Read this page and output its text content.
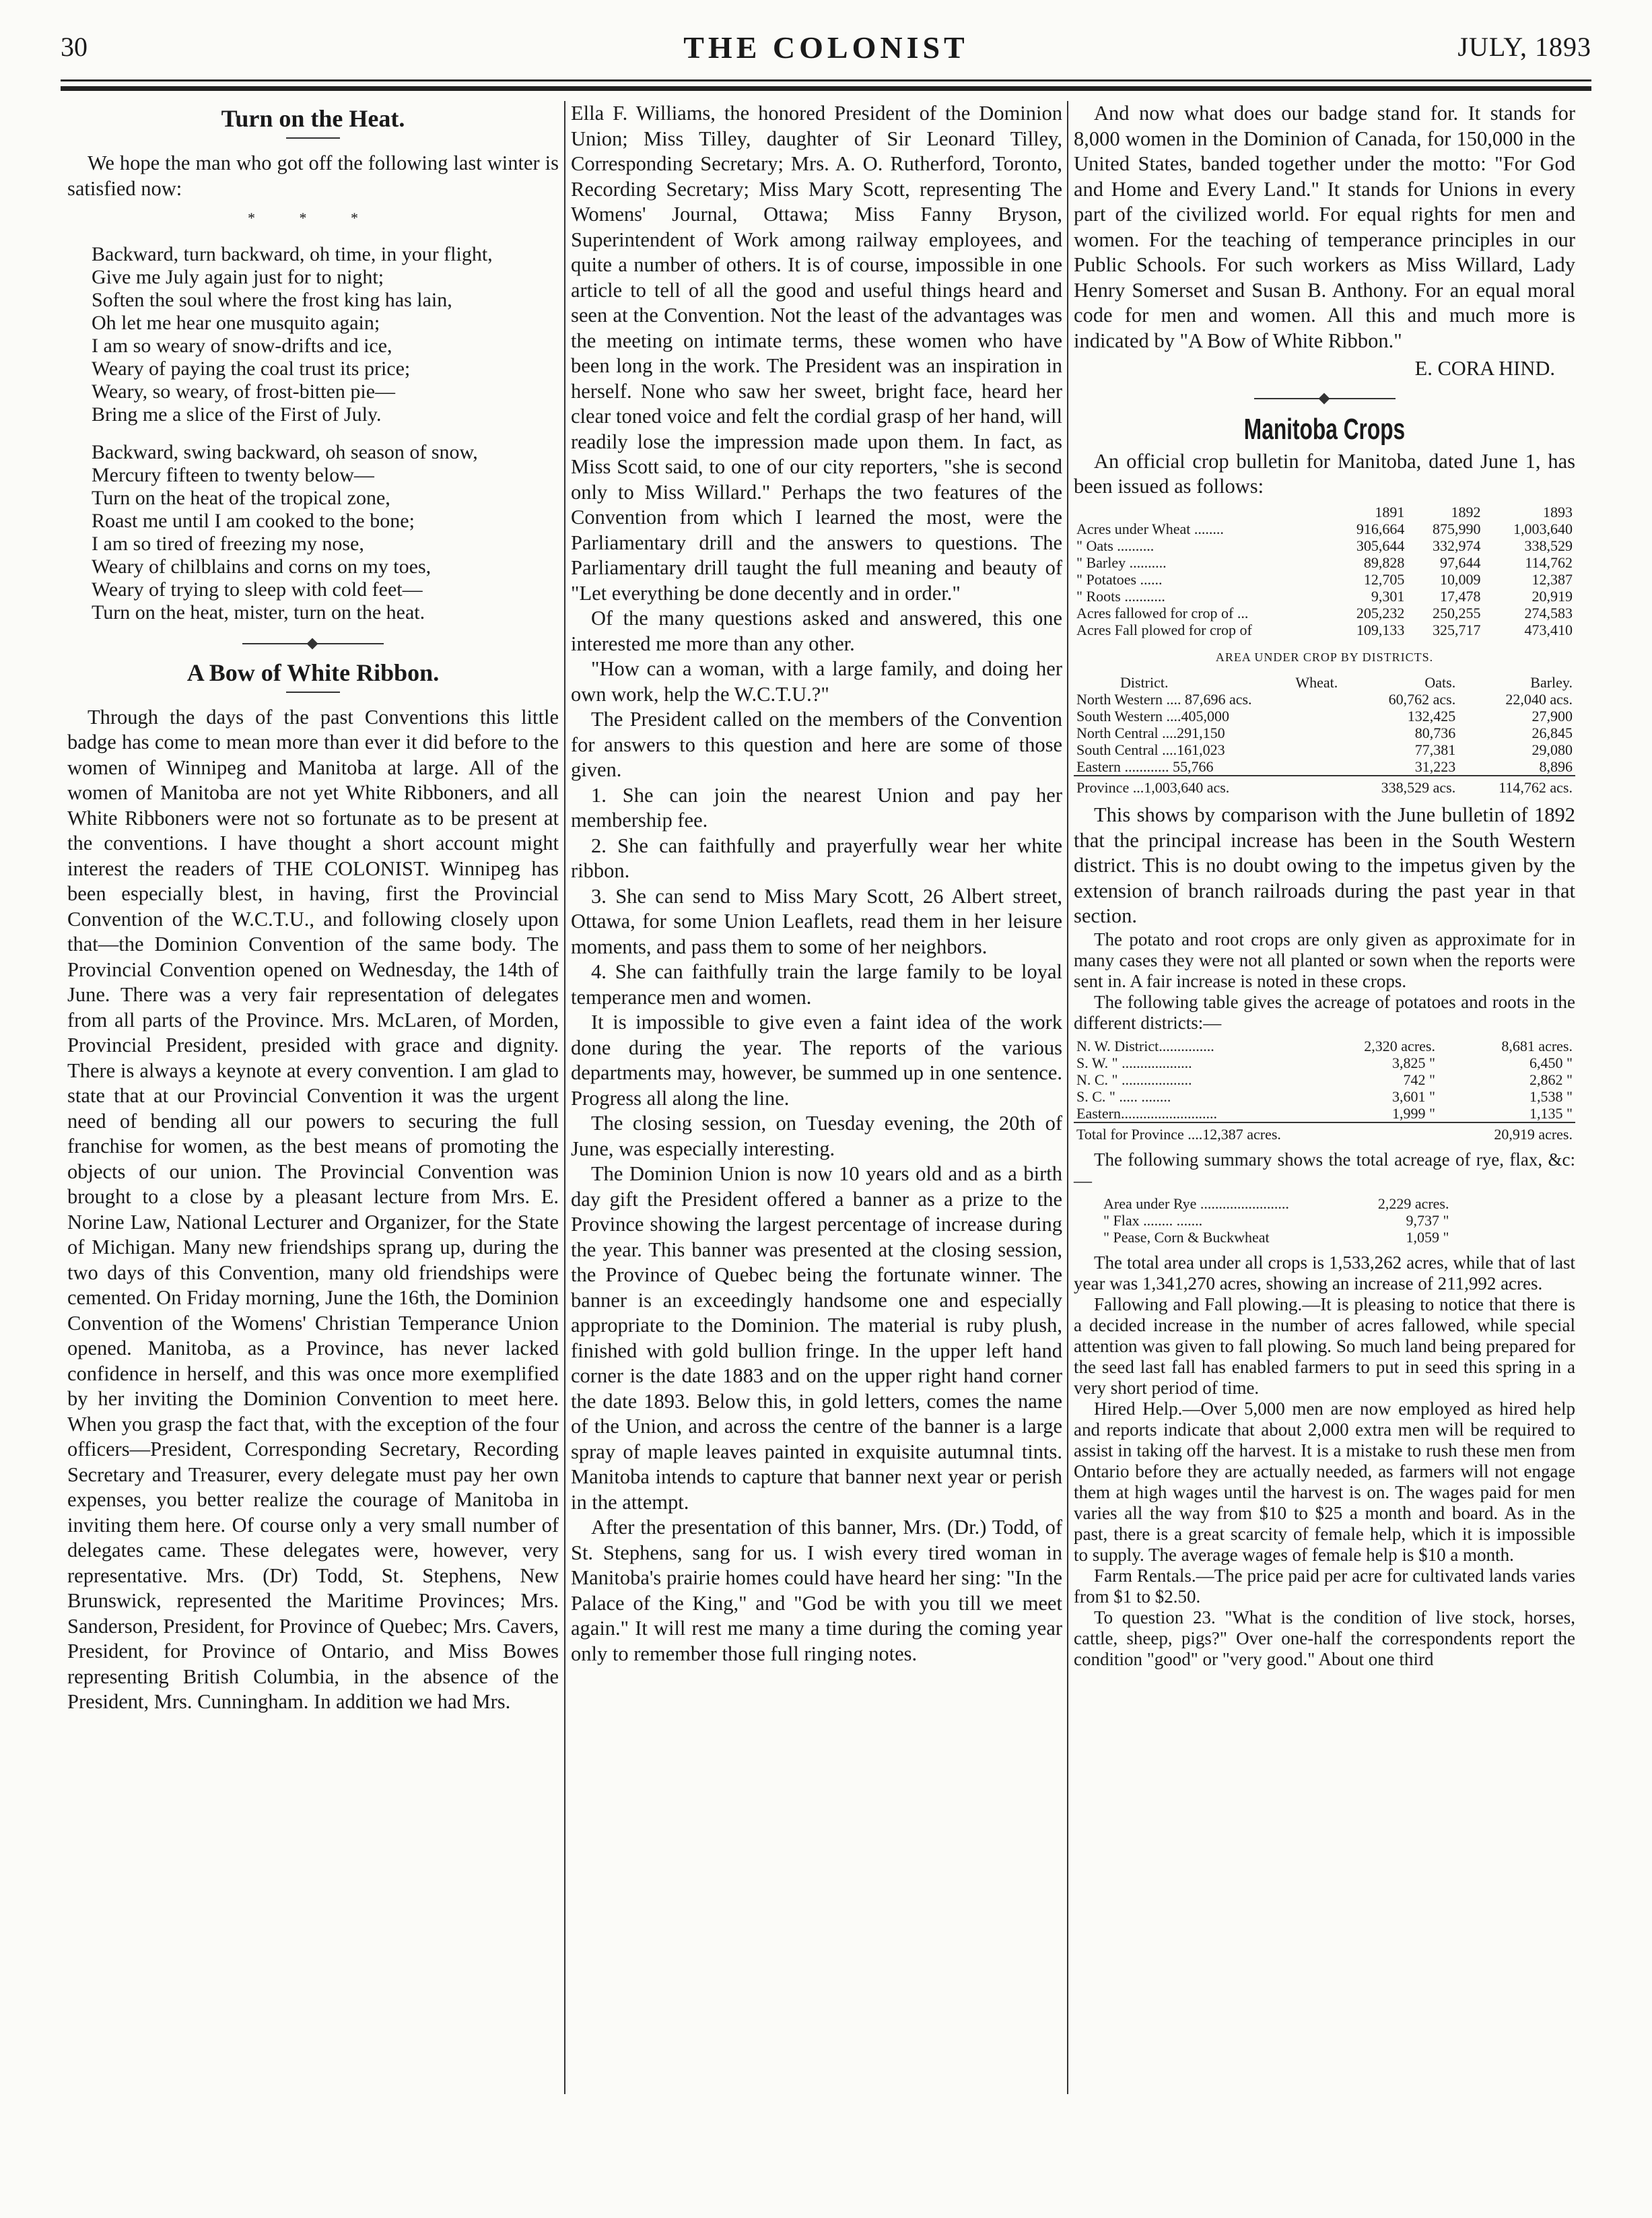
30	THE COLONIST	JULY, 1893
Turn on the Heat.

We hope the man who got off the following last winter is satisfied now:

* * *
Backward, turn backward, oh time, in your flight,
Give me July again just for to night;
Soften the soul where the frost king has lain,
Oh let me hear one musquito again;
I am so weary of snow-drifts and ice,
Weary of paying the coal trust its price;
Weary, so weary, of frost-bitten pie—
Bring me a slice of the First of July.
Backward, swing backward, oh season of snow,
Mercury fifteen to twenty below—
Turn on the heat of the tropical zone,
Roast me until I am cooked to the bone;
I am so tired of freezing my nose,
Weary of chilblains and corns on my toes,
Weary of trying to sleep with cold feet—
Turn on the heat, mister, turn on the heat.
A Bow of White Ribbon.

Through the days of the past Conventions this little badge has come to mean more than ever it did before to the women of Winnipeg and Manitoba at large. All of the women of Manitoba are not yet White Ribboners, and all White Ribboners were not so fortunate as to be present at the conventions. I have thought a short account might interest the readers of THE COLONIST. Winnipeg has been especially blest, in having, first the Provincial Convention of the W.C.T.U., and following closely upon that—the Dominion Convention of the same body. The Provincial Convention opened on Wednesday, the 14th of June. There was a very fair representation of delegates from all parts of the Province. Mrs. McLaren, of Morden, Provincial President, presided with grace and dignity. There is always a keynote at every convention. I am glad to state that at our Provincial Convention it was the urgent need of bending all our powers to securing the full franchise for women, as the best means of promoting the objects of our union. The Provincial Convention was brought to a close by a pleasant lecture from Mrs. E. Norine Law, National Lecturer and Organizer, for the State of Michigan. Many new friendships sprang up, during the two days of this Convention, many old friendships were cemented. On Friday morning, June the 16th, the Dominion Convention of the Womens' Christian Temperance Union opened. Manitoba, as a Province, has never lacked confidence in herself, and this was once more exemplified by her inviting the Dominion Convention to meet here. When you grasp the fact that, with the exception of the four officers—President, Corresponding Secretary, Recording Secretary and Treasurer, every delegate must pay her own expenses, you better realize the courage of Manitoba in inviting them here. Of course only a very small number of delegates came. These delegates were, however, very representative. Mrs. (Dr) Todd, St. Stephens, New Brunswick, represented the Maritime Provinces; Mrs. Sanderson, President, for Province of Quebec; Mrs. Cavers, President, for Province of Ontario, and Miss Bowes representing British Columbia, in the absence of the President, Mrs. Cunningham. In addition we had Mrs.

Ella F. Williams, the honored President of the Dominion Union; Miss Tilley, daughter of Sir Leonard Tilley, Corresponding Secretary; Mrs. A. O. Rutherford, Toronto, Recording Secretary; Miss Mary Scott, representing The Womens' Journal, Ottawa; Miss Fanny Bryson, Superintendent of Work among railway employees, and quite a number of others. It is of course, impossible in one article to tell of all the good and useful things heard and seen at the Convention. Not the least of the advantages was the meeting on intimate terms, these women who have been long in the work. The President was an inspiration in herself. None who saw her sweet, bright face, heard her clear toned voice and felt the cordial grasp of her hand, will readily lose the impression made upon them. In fact, as Miss Scott said, to one of our city reporters, "she is second only to Miss Willard." Perhaps the two features of the Convention from which I learned the most, were the Parliamentary drill and the answers to questions. The Parliamentary drill taught the full meaning and beauty of "Let everything be done decently and in order."

Of the many questions asked and answered, this one interested me more than any other.

"How can a woman, with a large family, and doing her own work, help the W.C.T.U.?"

The President called on the members of the Convention for answers to this question and here are some of those given.

1. She can join the nearest Union and pay her membership fee.

2. She can faithfully and prayerfully wear her white ribbon.

3. She can send to Miss Mary Scott, 26 Albert street, Ottawa, for some Union Leaflets, read them in her leisure moments, and pass them to some of her neighbors.

4. She can faithfully train the large family to be loyal temperance men and women.

It is impossible to give even a faint idea of the work done during the year. The reports of the various departments may, however, be summed up in one sentence. Progress all along the line.

The closing session, on Tuesday evening, the 20th of June, was especially interesting.

The Dominion Union is now 10 years old and as a birth day gift the President offered a banner as a prize to the Province showing the largest percentage of increase during the year. This banner was presented at the closing session, the Province of Quebec being the fortunate winner. The banner is an exceedingly handsome one and especially appropriate to the Dominion. The material is ruby plush, finished with gold bullion fringe. In the upper left hand corner is the date 1883 and on the upper right hand corner the date 1893. Below this, in gold letters, comes the name of the Union, and across the centre of the banner is a large spray of maple leaves painted in exquisite autumnal tints. Manitoba intends to capture that banner next year or perish in the attempt.

After the presentation of this banner, Mrs. (Dr.) Todd, of St. Stephens, sang for us. I wish every tired woman in Manitoba's prairie homes could have heard her sing: "In the Palace of the King," and "God be with you till we meet again." It will rest me many a time during the coming year only to remember those full ringing notes.

And now what does our badge stand for. It stands for 8,000 women in the Dominion of Canada, for 150,000 in the United States, banded together under the motto: "For God and Home and Every Land." It stands for Unions in every part of the civilized world. For equal rights for men and women. For the teaching of temperance principles in our Public Schools. For such workers as Miss Willard, Lady Henry Somerset and Susan B. Anthony. For an equal moral code for men and women. All this and much more is indicated by "A Bow of White Ribbon."

E. CORA HIND.
Manitoba Crops

An official crop bulletin for Manitoba, dated June 1, has been issued as follows:

	1891	1892	1893
Acres under Wheat ........	916,664	875,990	1,003,640
" Oats ..........	305,644	332,974	338,529
" Barley ..........	89,828	97,644	114,762
" Potatoes ......	12,705	10,009	12,387
" Roots ...........	9,301	17,478	20,919
Acres fallowed for crop of ...	205,232	250,255	274,583
Acres Fall plowed for crop of	109,133	325,717	473,410
AREA UNDER CROP BY DISTRICTS.
District.	Wheat.	Oats.	Barley.
North Western .... 87,696 acs.		60,762 acs.	22,040 acs.
South Western ....405,000		132,425	27,900
North Central ....291,150		80,736	26,845
South Central ....161,023		77,381	29,080
Eastern ............ 55,766		31,223	8,896
Province ...1,003,640 acs.		338,529 acs.	114,762 acs.

This shows by comparison with the June bulletin of 1892 that the principal increase has been in the South Western district. This is no doubt owing to the impetus given by the extension of branch railroads during the past year in that section.

The potato and root crops are only given as approximate for in many cases they were not all planted or sown when the reports were sent in. A fair increase is noted in these crops.

The following table gives the acreage of potatoes and roots in the different districts:—

N. W. District...............	2,320 acres.	8,681 acres.
S. W. " ...................	3,825 "	6,450 "
N. C. " ...................	742 "	2,862 "
S. C. " ..... ........	3,601 "	1,538 "
Eastern..........................	1,999 "	1,135 "
Total for Province ....12,387 acres.		20,919 acres.

The following summary shows the total acreage of rye, flax, &c:—

Area under Rye ........................	2,229 acres.
" Flax ........ .......	9,737 "
" Pease, Corn & Buckwheat	1,059 "

The total area under all crops is 1,533,262 acres, while that of last year was 1,341,270 acres, showing an increase of 211,992 acres.

Fallowing and Fall plowing.—It is pleasing to notice that there is a decided increase in the number of acres fallowed, while special attention was given to fall plowing. So much land being prepared for the seed last fall has enabled farmers to put in seed this spring in a very short period of time.

Hired Help.—Over 5,000 men are now employed as hired help and reports indicate that about 2,000 extra men will be required to assist in taking off the harvest. It is a mistake to rush these men from Ontario before they are actually needed, as farmers will not engage them at high wages until the harvest is on. The wages paid for men varies all the way from $10 to $25 a month and board. As in the past, there is a great scarcity of female help, which it is impossible to supply. The average wages of female help is $10 a month.

Farm Rentals.—The price paid per acre for cultivated lands varies from $1 to $2.50.

To question 23. "What is the condition of live stock, horses, cattle, sheep, pigs?" Over one-half the correspondents report the condition "good" or "very good." About one third
